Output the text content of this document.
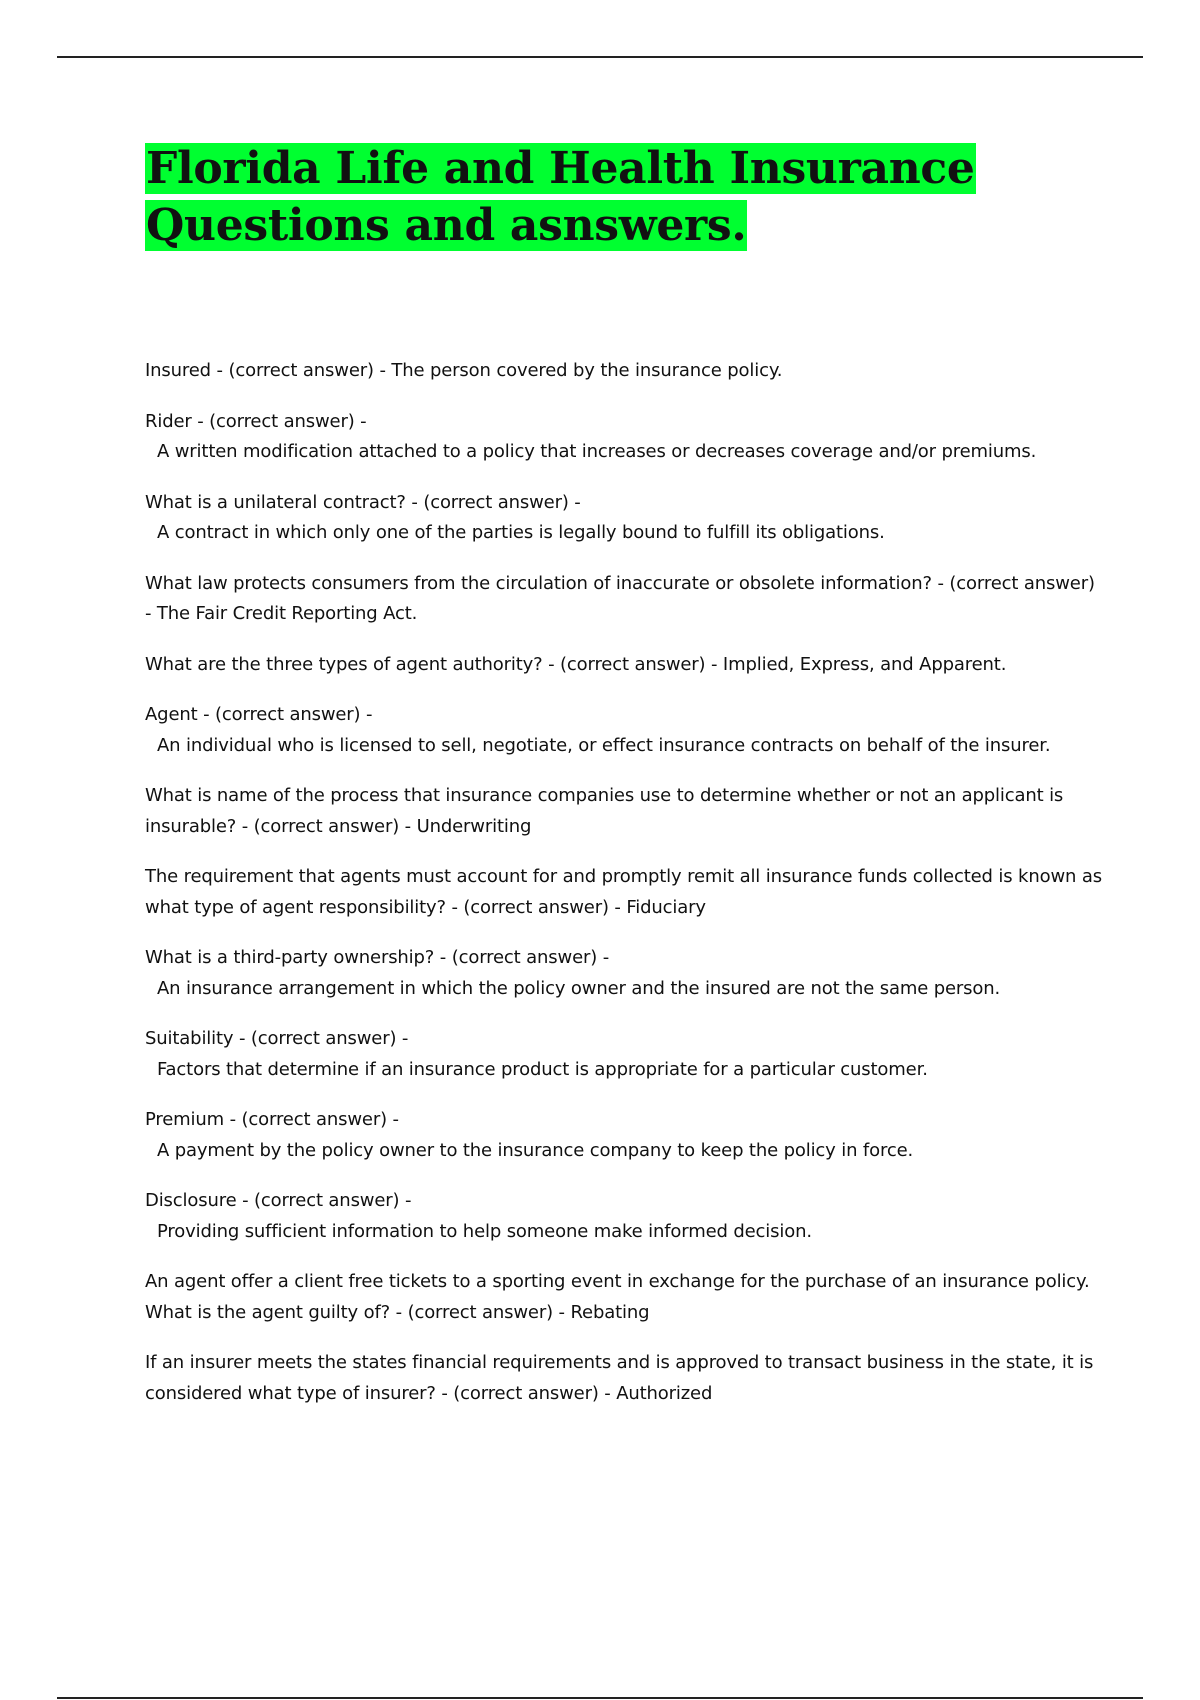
Florida Life and Health Insurance Questions and asnswers.
Insured - (correct answer) - The person covered by the insurance policy.
Rider - (correct answer) -
A written modification attached to a policy that increases or decreases coverage and/or premiums.
What is a unilateral contract? - (correct answer) -
A contract in which only one of the parties is legally bound to fulfill its obligations.
What law protects consumers from the circulation of inaccurate or obsolete information? - (correct answer) - The Fair Credit Reporting Act.
What are the three types of agent authority? - (correct answer) - Implied, Express, and Apparent.
Agent - (correct answer) -
An individual who is licensed to sell, negotiate, or effect insurance contracts on behalf of the insurer.
What is name of the process that insurance companies use to determine whether or not an applicant is insurable? - (correct answer) - Underwriting
The requirement that agents must account for and promptly remit all insurance funds collected is known as what type of agent responsibility? - (correct answer) - Fiduciary
What is a third-party ownership? - (correct answer) -
An insurance arrangement in which the policy owner and the insured are not the same person.
Suitability - (correct answer) -
Factors that determine if an insurance product is appropriate for a particular customer.
Premium - (correct answer) -
A payment by the policy owner to the insurance company to keep the policy in force.
Disclosure - (correct answer) -
Providing sufficient information to help someone make informed decision.
An agent offer a client free tickets to a sporting event in exchange for the purchase of an insurance policy. What is the agent guilty of? - (correct answer) - Rebating
If an insurer meets the states financial requirements and is approved to transact business in the state, it is considered what type of insurer? - (correct answer) - Authorized
